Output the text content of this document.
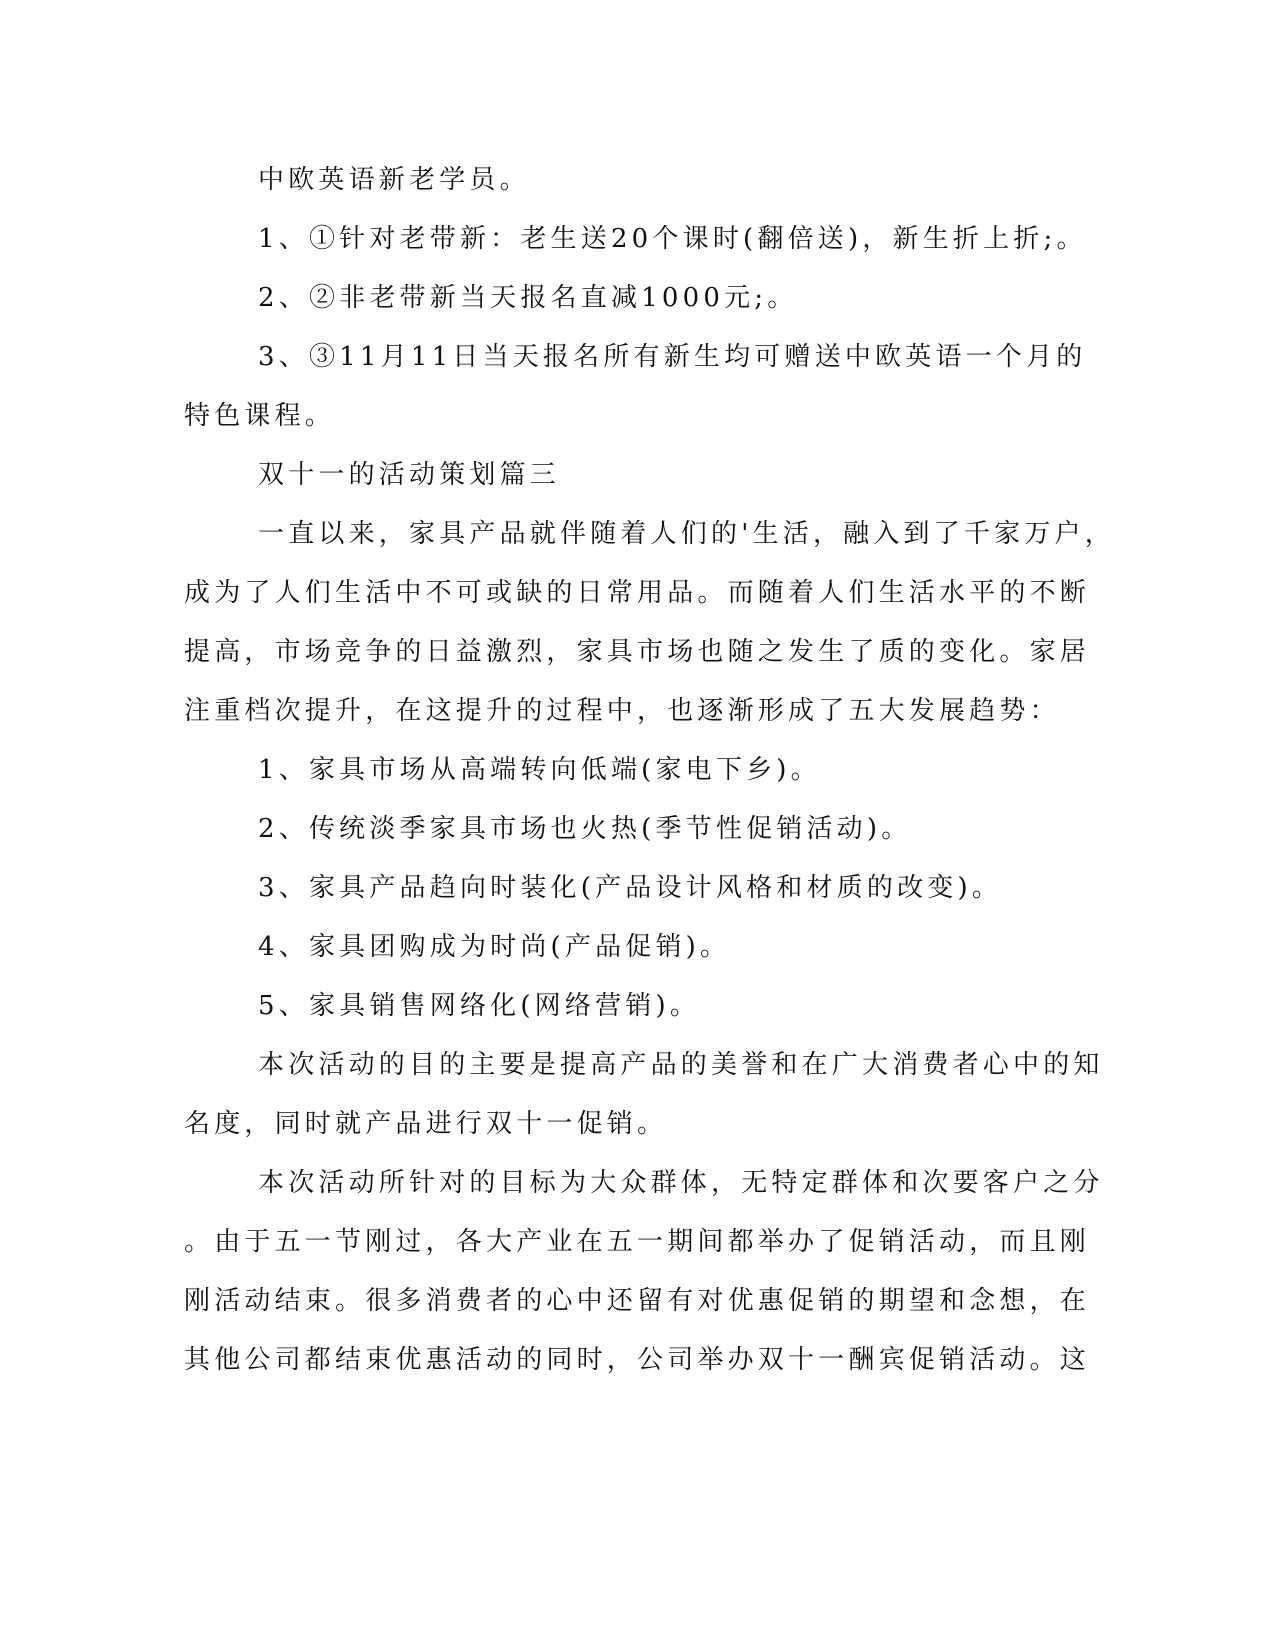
中欧英语新老学员。
1、①针对老带新：老生送20个课时(翻倍送)，新生折上折;。
2、②非老带新当天报名直减1000元;。
3、③11月11日当天报名所有新生均可赠送中欧英语一个月的
特色课程。
双十一的活动策划篇三
一直以来，家具产品就伴随着人们的'生活，融入到了千家万户，
成为了人们生活中不可或缺的日常用品。而随着人们生活水平的不断
提高，市场竞争的日益激烈，家具市场也随之发生了质的变化。家居
注重档次提升，在这提升的过程中，也逐渐形成了五大发展趋势：
1、家具市场从高端转向低端(家电下乡)。
2、传统淡季家具市场也火热(季节性促销活动)。
3、家具产品趋向时装化(产品设计风格和材质的改变)。
4、家具团购成为时尚(产品促销)。
5、家具销售网络化(网络营销)。
本次活动的目的主要是提高产品的美誉和在广大消费者心中的知
名度，同时就产品进行双十一促销。
本次活动所针对的目标为大众群体，无特定群体和次要客户之分
。由于五一节刚过，各大产业在五一期间都举办了促销活动，而且刚
刚活动结束。很多消费者的心中还留有对优惠促销的期望和念想，在
其他公司都结束优惠活动的同时，公司举办双十一酬宾促销活动。这
